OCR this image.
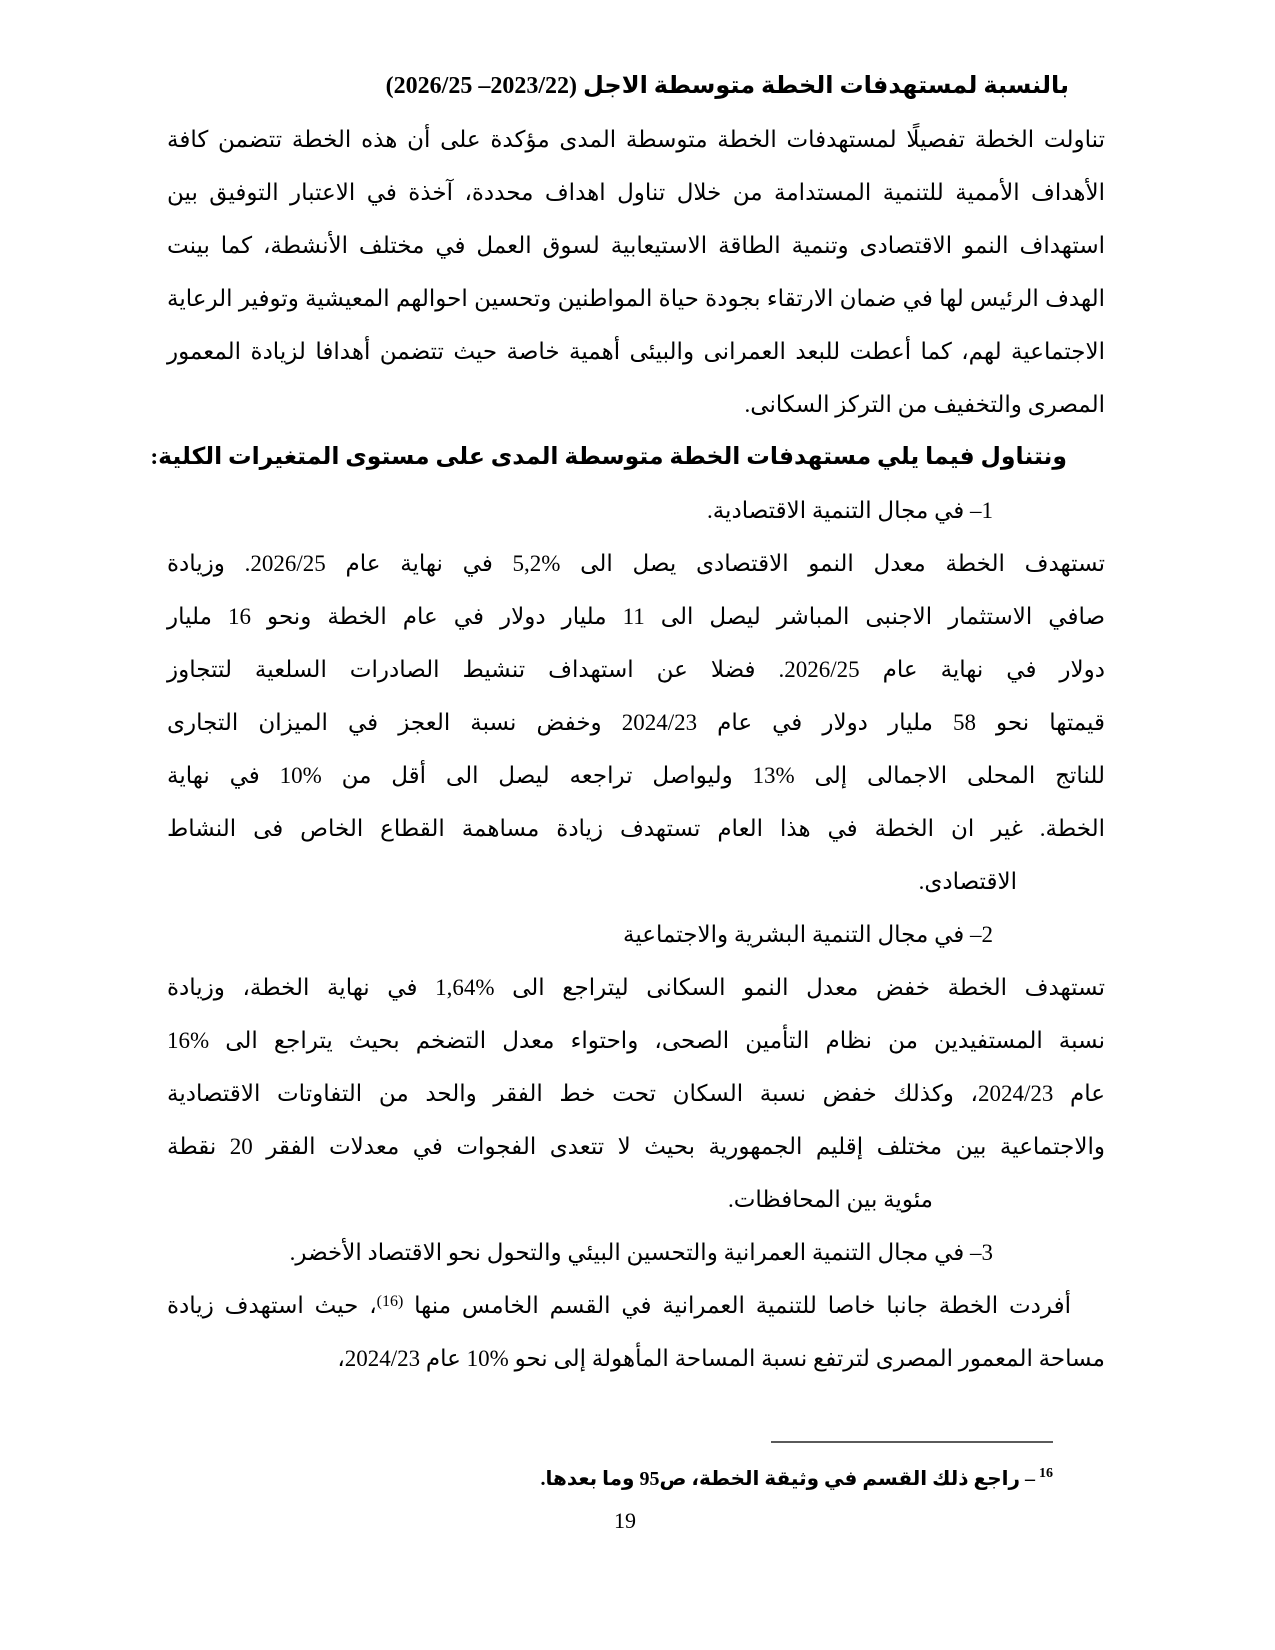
بالنسبة لمستهدفات الخطة متوسطة الاجل (2023/22– 2026/25)
تناولت الخطة تفصيلًا لمستهدفات الخطة متوسطة المدى مؤكدة على أن هذه الخطة تتضمن كافة
الأهداف الأممية للتنمية المستدامة من خلال تناول اهداف محددة، آخذة في الاعتبار التوفيق بين
استهداف النمو الاقتصادى وتنمية الطاقة الاستيعابية لسوق العمل في مختلف الأنشطة، كما بينت
الهدف الرئيس لها في ضمان الارتقاء بجودة حياة المواطنين وتحسين احوالهم المعيشية وتوفير الرعاية
الاجتماعية لهم، كما أعطت للبعد العمرانى والبيئى أهمية خاصة حيث تتضمن أهدافا لزيادة المعمور
المصرى والتخفيف من التركز السكانى.
ونتناول فيما يلي مستهدفات الخطة متوسطة المدى على مستوى المتغيرات الكلية:
1– في مجال التنمية الاقتصادية.
تستهدف الخطة معدل النمو الاقتصادى يصل الى %5,2 في نهاية عام 2026/25. وزيادة
صافي الاستثمار الاجنبى المباشر ليصل الى 11 مليار دولار في عام الخطة ونحو 16 مليار
دولار في نهاية عام 2026/25. فضلا عن استهداف تنشيط الصادرات السلعية لتتجاوز
قيمتها نحو 58 مليار دولار في عام 2024/23 وخفض نسبة العجز في الميزان التجارى
للناتج المحلى الاجمالى إلى %13 وليواصل تراجعه ليصل الى أقل من %10 في نهاية
الخطة. غير ان الخطة في هذا العام تستهدف زيادة مساهمة القطاع الخاص فى النشاط
الاقتصادى.
2– في مجال التنمية البشرية والاجتماعية
تستهدف الخطة خفض معدل النمو السكانى ليتراجع الى %1,64 في نهاية الخطة، وزيادة
نسبة المستفيدين من نظام التأمين الصحى، واحتواء معدل التضخم بحيث يتراجع الى %16
عام 2024/23، وكذلك خفض نسبة السكان تحت خط الفقر والحد من التفاوتات الاقتصادية
والاجتماعية بين مختلف إقليم الجمهورية بحيث لا تتعدى الفجوات في معدلات الفقر 20 نقطة
مئوية بين المحافظات.
3– في مجال التنمية العمرانية والتحسين البيئي والتحول نحو الاقتصاد الأخضر.
أفردت الخطة جانبا خاصا للتنمية العمرانية في القسم الخامس منها $^{(16)}$، حيث استهدف زيادة
مساحة المعمور المصرى لترتفع نسبة المساحة المأهولة إلى نحو %10 عام 2024/23،
$^{16}$– راجع ذلك القسم في وثيقة الخطة، ص95 وما بعدها.
19
